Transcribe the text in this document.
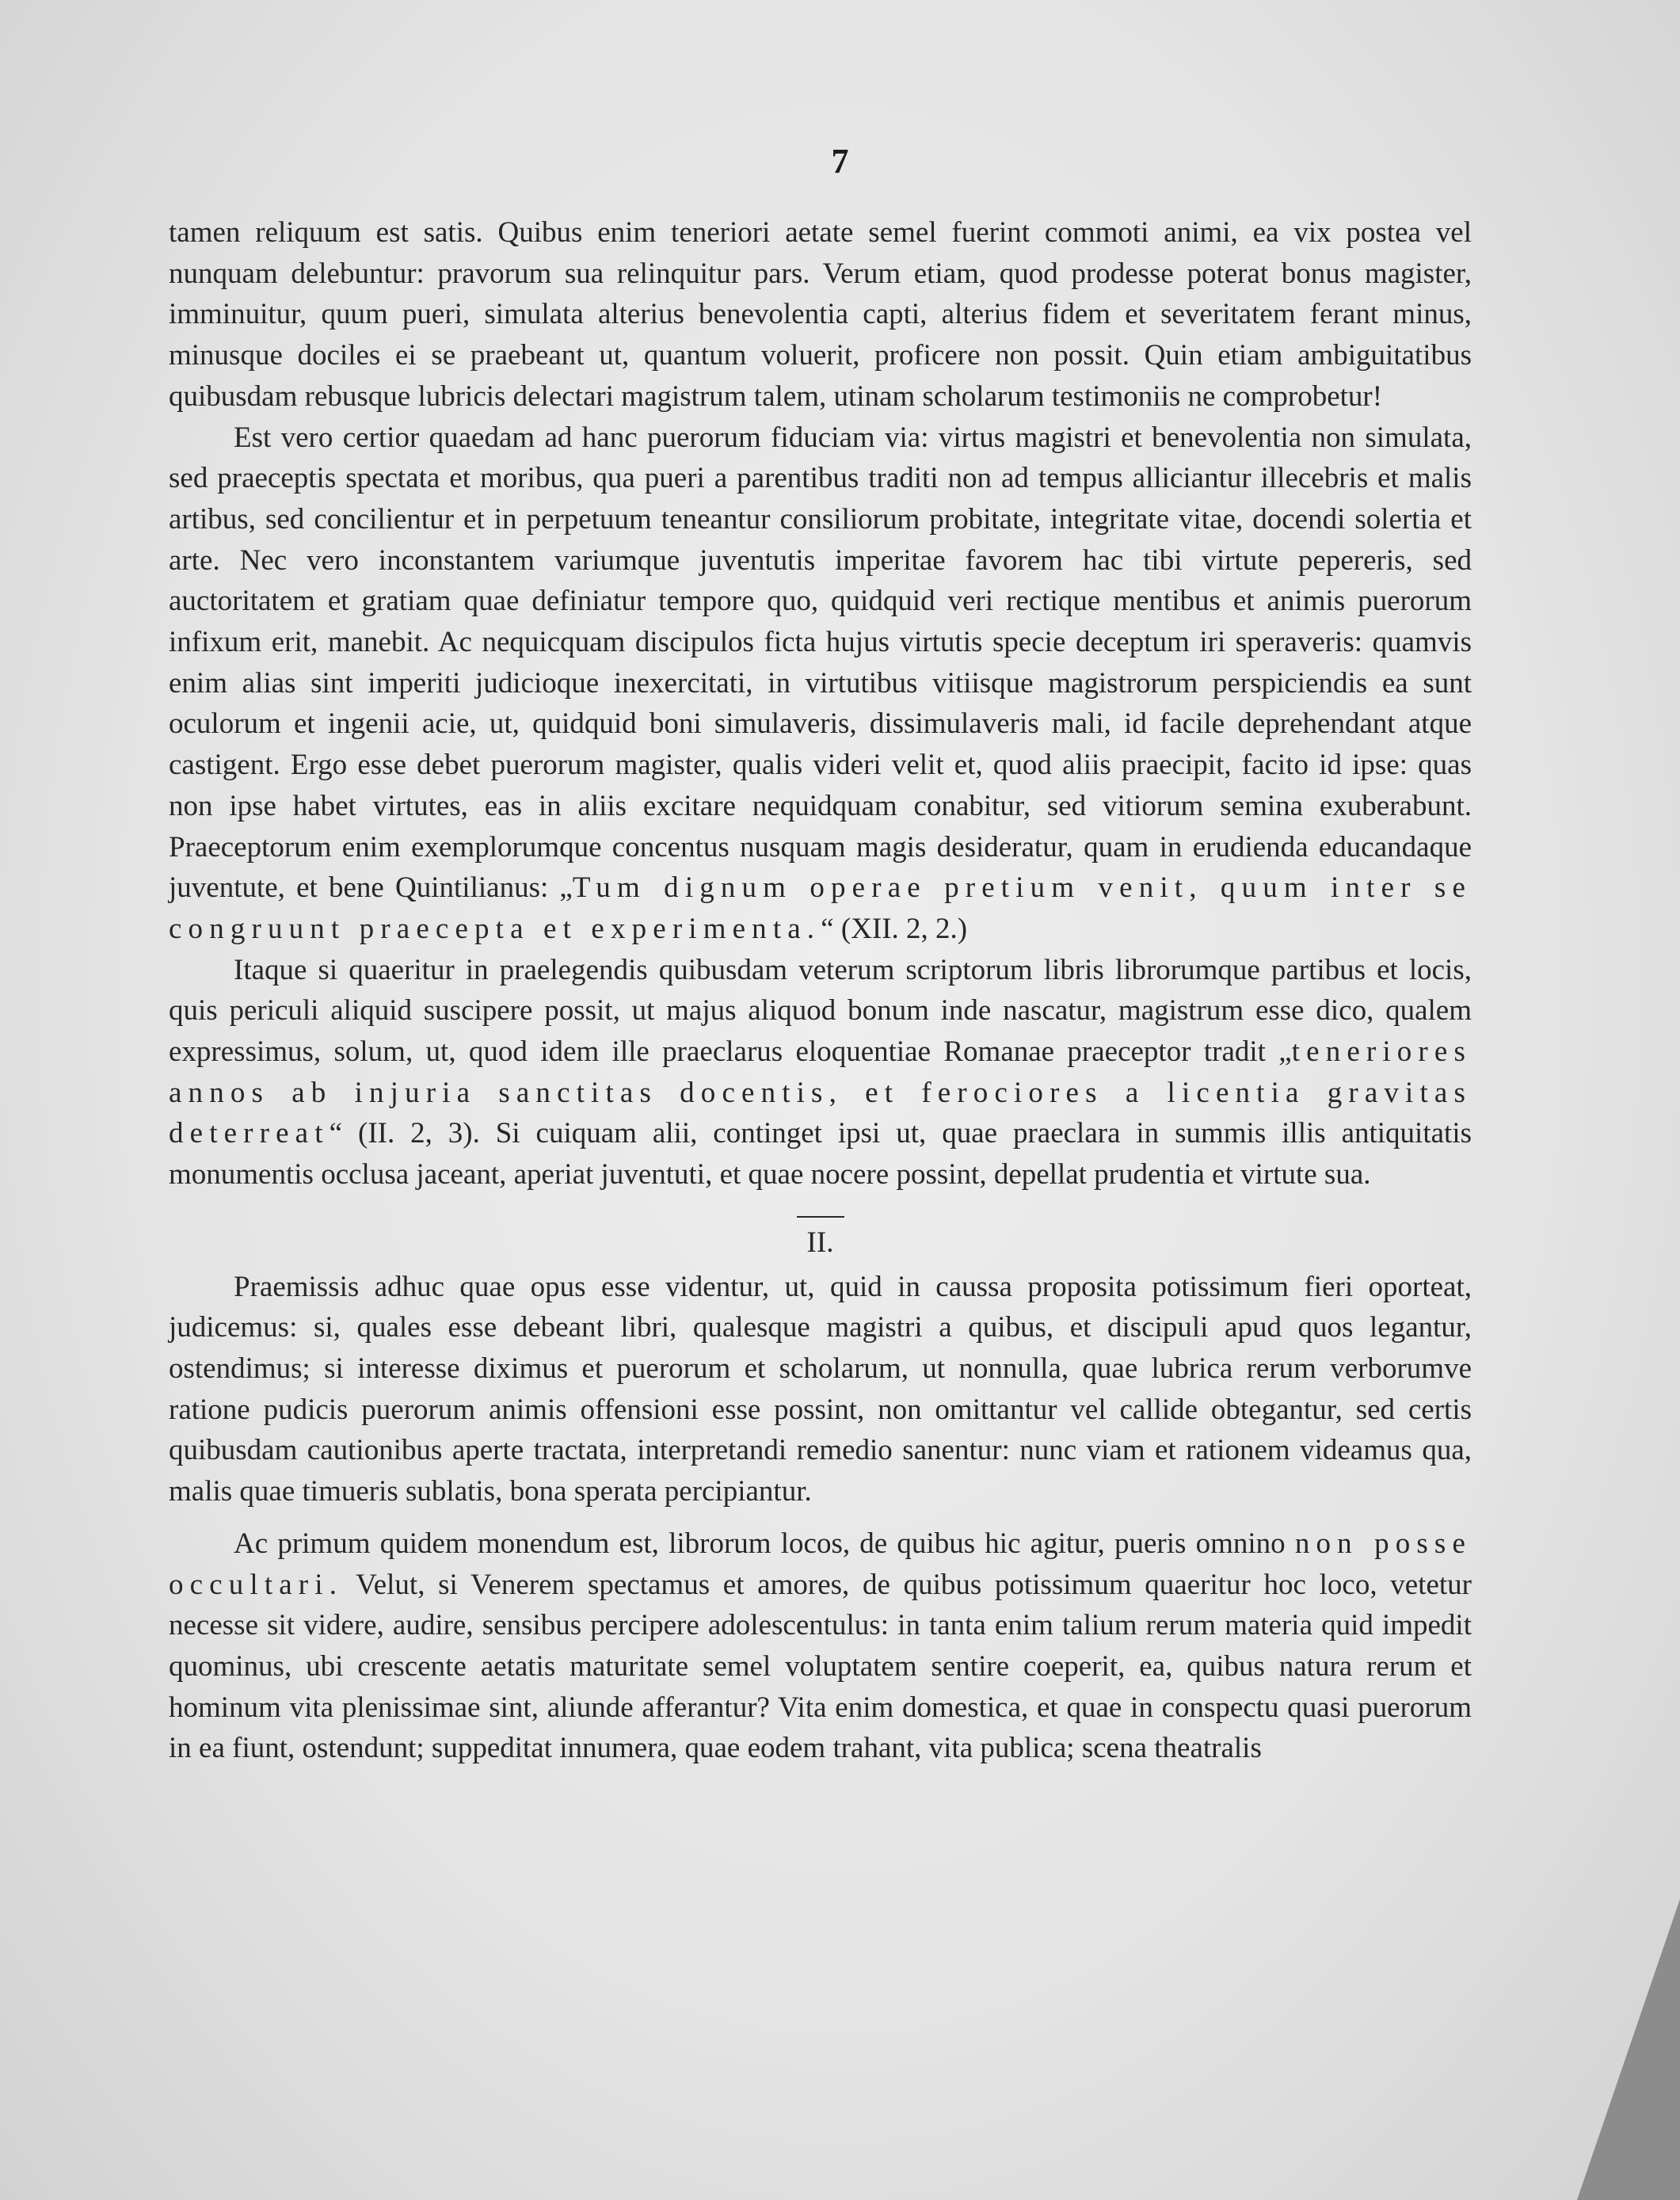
7

tamen reliquum est satis. Quibus enim teneriori aetate semel fuerint commoti animi, ea vix postea vel nunquam delebuntur: pravorum sua relinquitur pars. Verum etiam, quod prodesse poterat bonus magister, imminuitur, quum pueri, simulata alterius benevolentia capti, alterius fidem et severitatem ferant minus, minusque dociles ei se praebeant ut, quantum voluerit, proficere non possit. Quin etiam ambiguitatibus quibusdam rebusque lubricis delectari magistrum talem, utinam scholarum testimoniis ne comprobetur!

Est vero certior quaedam ad hanc puerorum fiduciam via: virtus magistri et benevolentia non simulata, sed praeceptis spectata et moribus, qua pueri a parentibus traditi non ad tempus alliciantur illecebris et malis artibus, sed concilientur et in perpetuum teneantur consiliorum probitate, integritate vitae, docendi solertia et arte. Nec vero inconstantem variumque juventutis imperitae favorem hac tibi virtute pepereris, sed auctoritatem et gratiam quae definiatur tempore quo, quidquid veri rectique mentibus et animis puerorum infixum erit, manebit. Ac nequicquam discipulos ficta hujus virtutis specie deceptum iri speraveris: quamvis enim alias sint imperiti judicioque inexercitati, in virtutibus vitiisque magistrorum perspiciendis ea sunt oculorum et ingenii acie, ut, quidquid boni simulaveris, dissimulaveris mali, id facile deprehendant atque castigent. Ergo esse debet puerorum magister, qualis videri velit et, quod aliis praecipit, facito id ipse: quas non ipse habet virtutes, eas in aliis excitare nequidquam conabitur, sed vitiorum semina exuberabunt. Praeceptorum enim exemplorumque concentus nusquam magis desideratur, quam in erudienda educandaque juventute, et bene Quintilianus: „Tum dignum operae pretium venit, quum inter se congruunt praecepta et experimenta.“ (XII. 2, 2.)

Itaque si quaeritur in praelegendis quibusdam veterum scriptorum libris librorumque partibus et locis, quis periculi aliquid suscipere possit, ut majus aliquod bonum inde nascatur, magistrum esse dico, qualem expressimus, solum, ut, quod idem ille praeclarus eloquentiae Romanae praeceptor tradit „teneriores annos ab injuria sanctitas docentis, et ferociores a licentia gravitas deterreat“ (II. 2, 3). Si cuiquam alii, continget ipsi ut, quae praeclara in summis illis antiquitatis monumentis occlusa jaceant, aperiat juventuti, et quae nocere possint, depellat prudentia et virtute sua.

II.

Praemissis adhuc quae opus esse videntur, ut, quid in caussa proposita potissimum fieri oporteat, judicemus: si, quales esse debeant libri, qualesque magistri a quibus, et discipuli apud quos legantur, ostendimus; si interesse diximus et puerorum et scholarum, ut nonnulla, quae lubrica rerum verborumve ratione pudicis puerorum animis offensioni esse possint, non omittantur vel callide obtegantur, sed certis quibusdam cautionibus aperte tractata, interpretandi remedio sanentur: nunc viam et rationem videamus qua, malis quae timueris sublatis, bona sperata percipiantur.

Ac primum quidem monendum est, librorum locos, de quibus hic agitur, pueris omnino non posse occultari. Velut, si Venerem spectamus et amores, de quibus potissimum quaeritur hoc loco, vetetur necesse sit videre, audire, sensibus percipere adolescentulus: in tanta enim talium rerum materia quid impedit quominus, ubi crescente aetatis maturitate semel voluptatem sentire coeperit, ea, quibus natura rerum et hominum vita plenissimae sint, aliunde afferantur? Vita enim domestica, et quae in conspectu quasi puerorum in ea fiunt, ostendunt; suppeditat innumera, quae eodem trahant, vita publica; scena theatralis
